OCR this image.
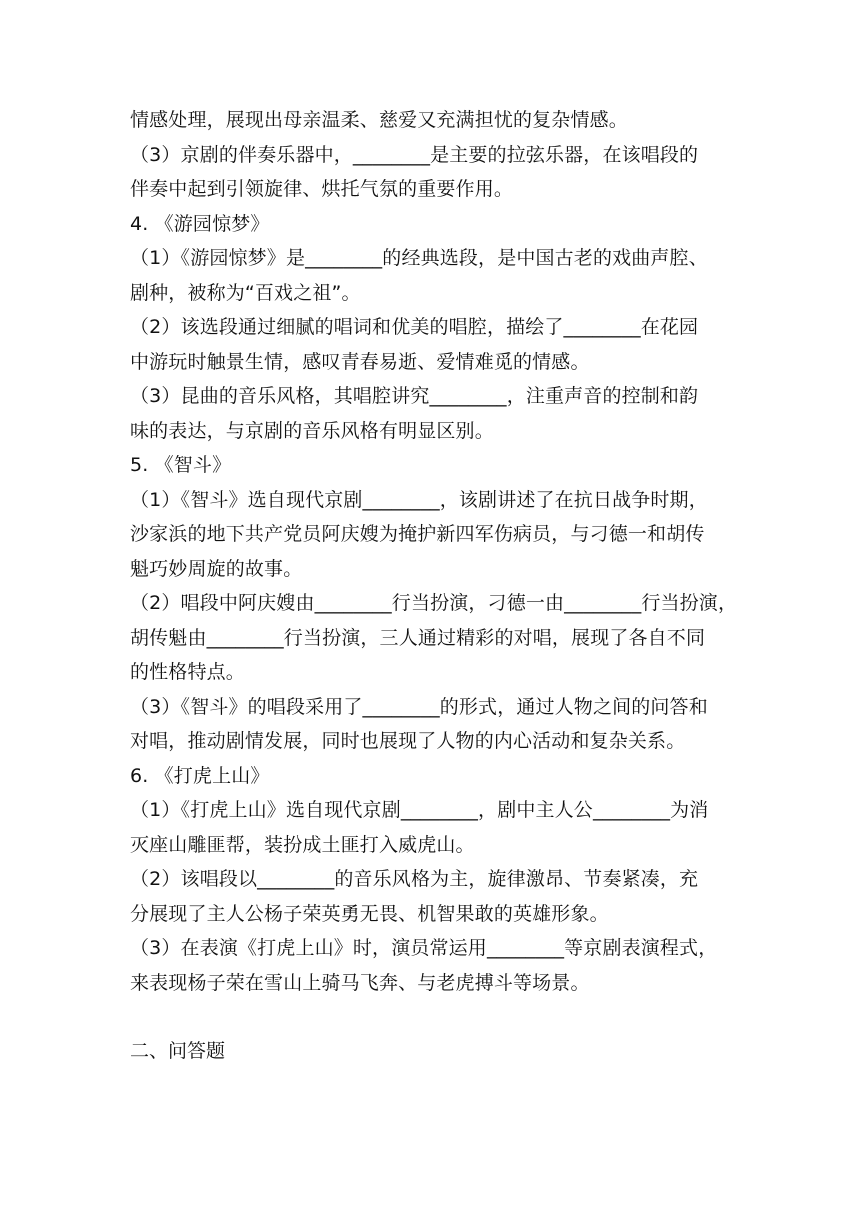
情感处理，展现出母亲温柔、慈爱又充满担忧的复杂情感。
（3）京剧的伴奏乐器中，________是主要的拉弦乐器，在该唱段的
伴奏中起到引领旋律、烘托气氛的重要作用。
4. 《游园惊梦》
（1）《游园惊梦》是________的经典选段，是中国古老的戏曲声腔、
剧种，被称为“百戏之祖”。
（2）该选段通过细腻的唱词和优美的唱腔，描绘了________在花园
中游玩时触景生情，感叹青春易逝、爱情难觅的情感。
（3）昆曲的音乐风格，其唱腔讲究________，注重声音的控制和韵
味的表达，与京剧的音乐风格有明显区别。
5. 《智斗》
（1）《智斗》选自现代京剧________，该剧讲述了在抗日战争时期，
沙家浜的地下共产党员阿庆嫂为掩护新四军伤病员，与刁德一和胡传
魁巧妙周旋的故事。
（2）唱段中阿庆嫂由________行当扮演，刁德一由________行当扮演，
胡传魁由________行当扮演，三人通过精彩的对唱，展现了各自不同
的性格特点。
（3）《智斗》的唱段采用了________的形式，通过人物之间的问答和
对唱，推动剧情发展，同时也展现了人物的内心活动和复杂关系。
6. 《打虎上山》
（1）《打虎上山》选自现代京剧________，剧中主人公________为消
灭座山雕匪帮，装扮成土匪打入威虎山。
（2）该唱段以________的音乐风格为主，旋律激昂、节奏紧凑，充
分展现了主人公杨子荣英勇无畏、机智果敢的英雄形象。
（3）在表演《打虎上山》时，演员常运用________等京剧表演程式，
来表现杨子荣在雪山上骑马飞奔、与老虎搏斗等场景。
二、问答题
